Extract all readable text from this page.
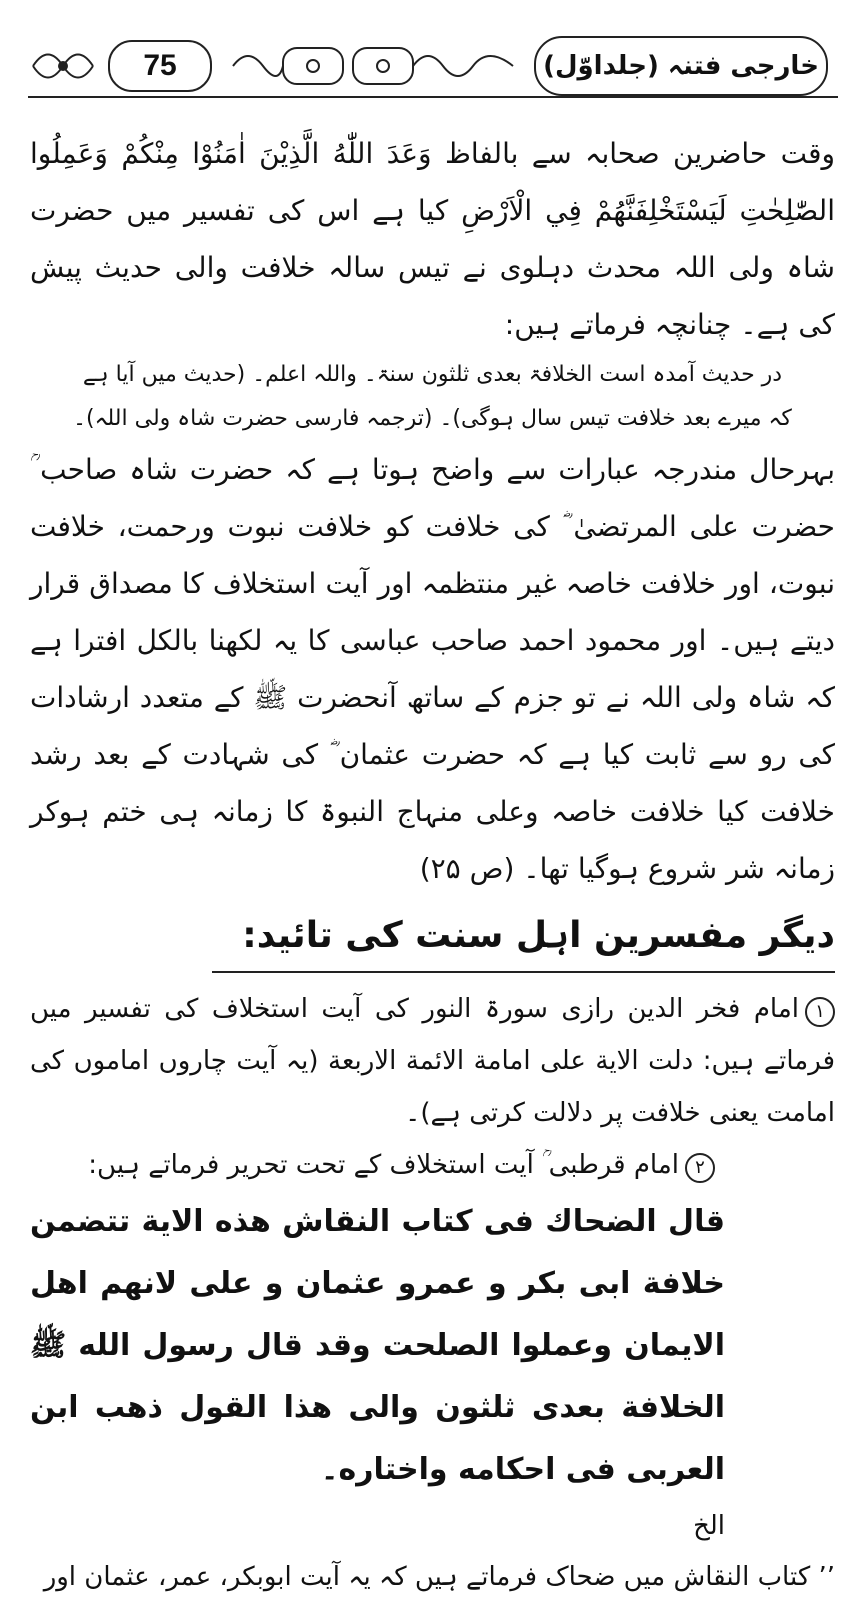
75	خارجی فتنہ (جلداوّل)

وقت حاضرین صحابہ سے بالفاظ وَعَدَ اللّٰهُ الَّذِيْنَ اٰمَنُوْا مِنْكُمْ وَعَمِلُوا الصّٰلِحٰتِ لَيَسْتَخْلِفَنَّهُمْ فِي الْاَرْضِ كیا ہے اس کی تفسیر میں حضرت شاہ ولی اللہ محدث دہلوی نے تیس سالہ خلافت والی حدیث پیش کی ہے۔ چنانچہ فرماتے ہیں:

در حدیث آمدہ است الخلافۃ بعدی ثلثون سنۃ۔ واللہ اعلم۔ (حدیث میں آیا ہے

کہ میرے بعد خلافت تیس سال ہوگی)۔ (ترجمہ فارسی حضرت شاہ ولی اللہ)۔

بہرحال مندرجہ عبارات سے واضح ہوتا ہے کہ حضرت شاہ صاحب ؒ حضرت علی المرتضیٰ ؓ کی خلافت کو خلافت نبوت ورحمت، خلافت نبوت، اور خلافت خاصہ غیر منتظمہ اور آیت استخلاف کا مصداق قرار دیتے ہیں۔ اور محمود احمد صاحب عباسی کا یہ لکھنا بالکل افترا ہے کہ شاہ ولی اللہ نے تو جزم کے ساتھ آنحضرت ﷺ کے متعدد ارشادات کی رو سے ثابت کیا ہے کہ حضرت عثمان ؓ کی شہادت کے بعد رشد خلافت کیا خلافت خاصہ وعلی منہاج النبوۃ کا زمانہ ہی ختم ہوکر زمانہ شر شروع ہوگیا تھا۔ (ص ۲۵)

دیگر مفسرین اہل سنت کی تائید:

۱امام فخر الدین رازی سورۃ النور کی آیت استخلاف کی تفسیر میں فرماتے ہیں: دلت الاية على امامة الائمة الاربعة (یہ آیت چاروں اماموں کی امامت یعنی خلافت پر دلالت کرتی ہے)۔

۲امام قرطبی ؒ آیت استخلاف کے تحت تحریر فرماتے ہیں:

قال الضحاك فی كتاب النقاش هذه الاية تتضمن خلافة ابى بكر و عمرو عثمان و على لانهم اهل الايمان وعملوا الصلحت وقد قال رسول الله ﷺ الخلافة بعدى ثلثون والى هذا القول ذهب ابن العربى فى احكامه واختاره۔

الخ

’’ کتاب النقاش میں ضحاک فرماتے ہیں کہ یہ آیت ابوبکر، عمر، عثمان اور
